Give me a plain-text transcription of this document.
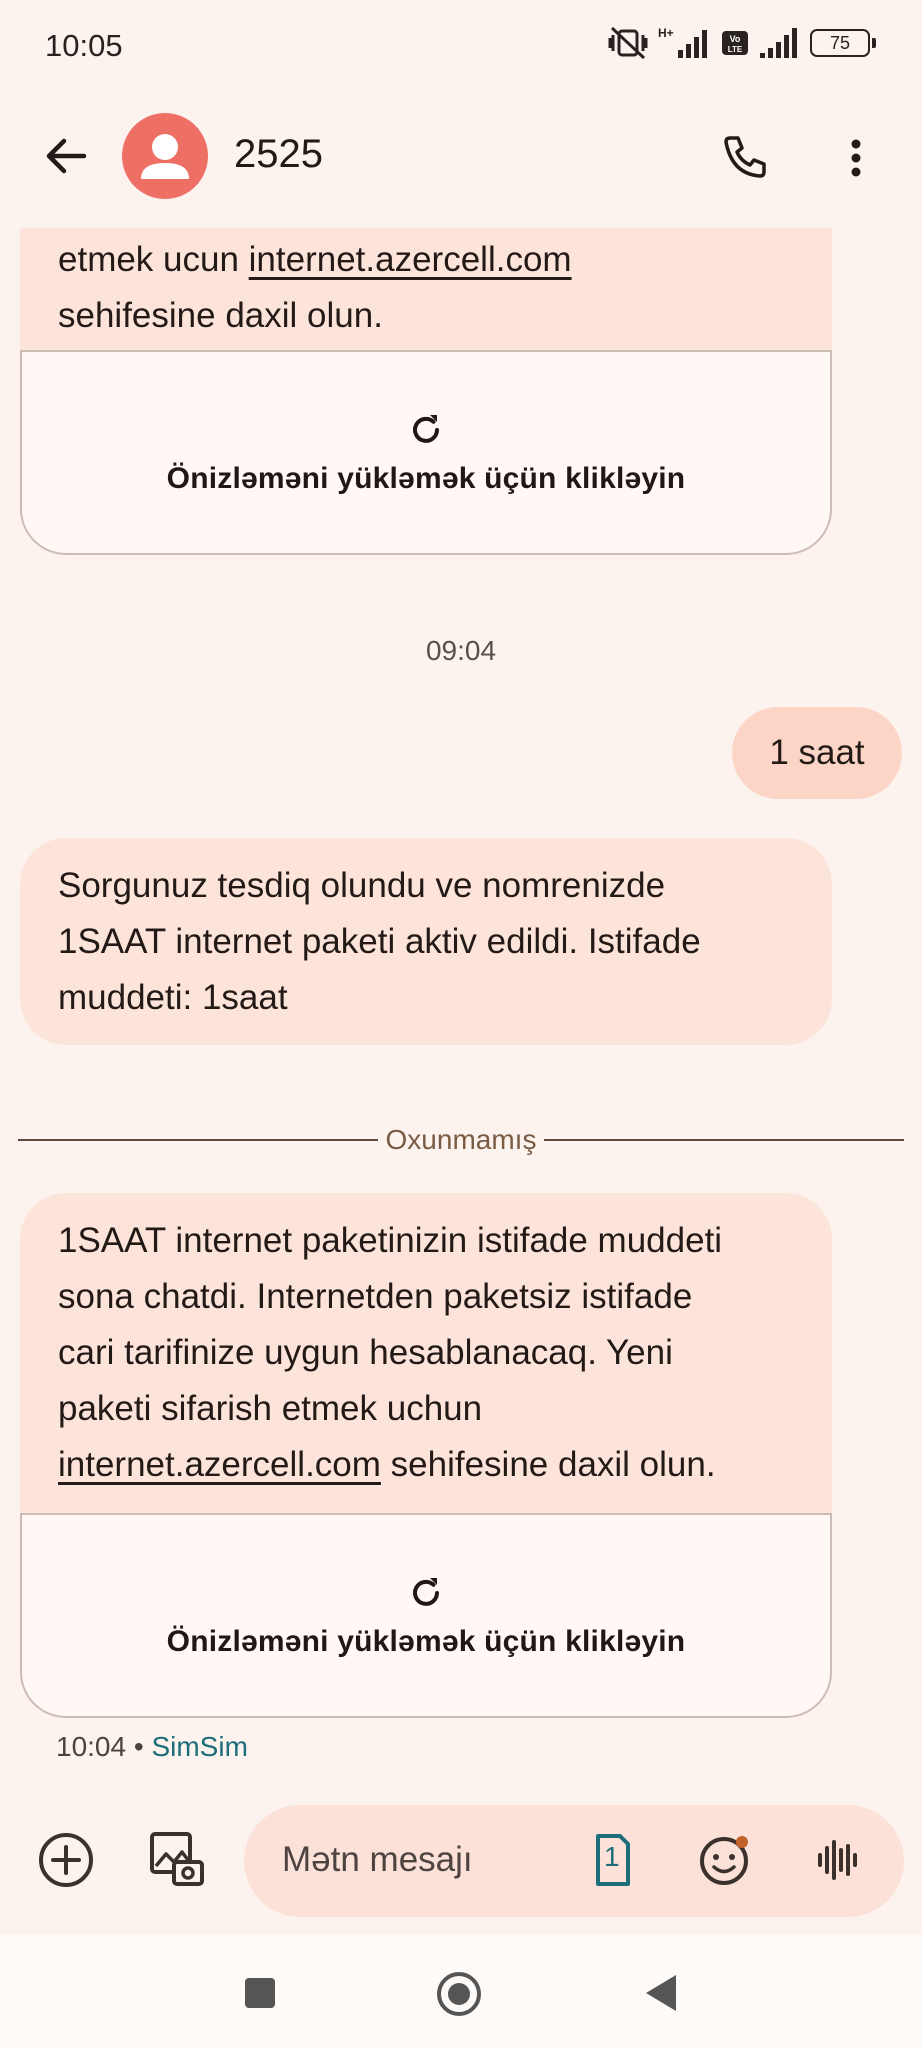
10:05	H+	Vo
LTE	75
2525
etmek ucun internet.azercell.com
sehifesine daxil olun.
Önizləməni yükləmək üçün klikləyin
09:04
1 saat
Sorgunuz tesdiq olundu ve nomrenizde
1SAAT internet paketi aktiv edildi. Istifade
muddeti: 1saat
Oxunmamış
1SAAT internet paketinizin istifade muddeti
sona chatdi. Internetden paketsiz istifade
cari tarifinize uygun hesablanacaq. Yeni
paketi sifarish etmek uchun
internet.azercell.com sehifesine daxil olun.
Önizləməni yükləmək üçün klikləyin
10:04 • SimSim
Mətn mesajı	1
